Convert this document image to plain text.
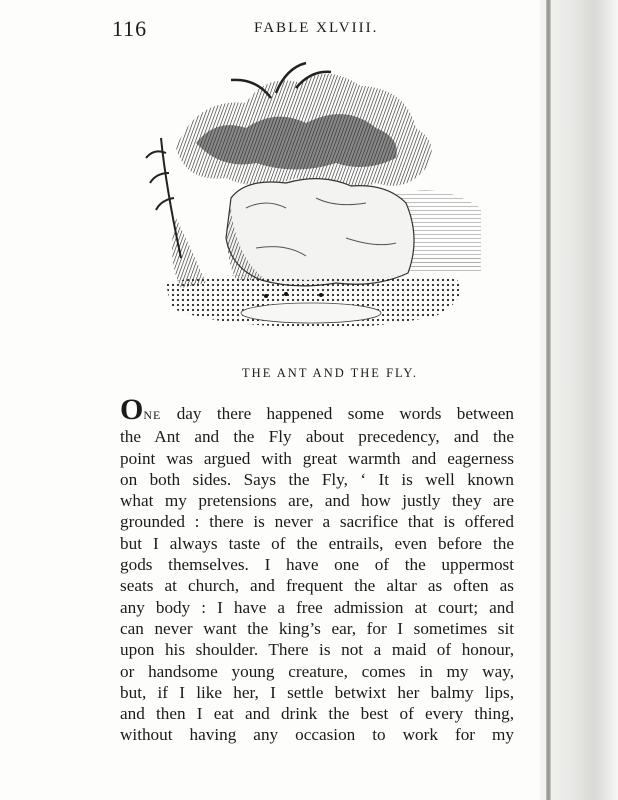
116	FABLE XLVIII.
THE ANT AND THE FLY.
ONE day there happened some words between
the Ant and the Fly about precedency, and the
point was argued with great warmth and eagerness
on both sides. Says the Fly, ‘ It is well known
what my pretensions are, and how justly they are
grounded : there is never a sacrifice that is offered
but I always taste of the entrails, even before the
gods themselves. I have one of the uppermost
seats at church, and frequent the altar as often as
any body : I have a free admission at court; and
can never want the king’s ear, for I sometimes sit
upon his shoulder. There is not a maid of honour,
or handsome young creature, comes in my way,
but, if I like her, I settle betwixt her balmy lips,
and then I eat and drink the best of every thing,
without having any occasion to work for my
